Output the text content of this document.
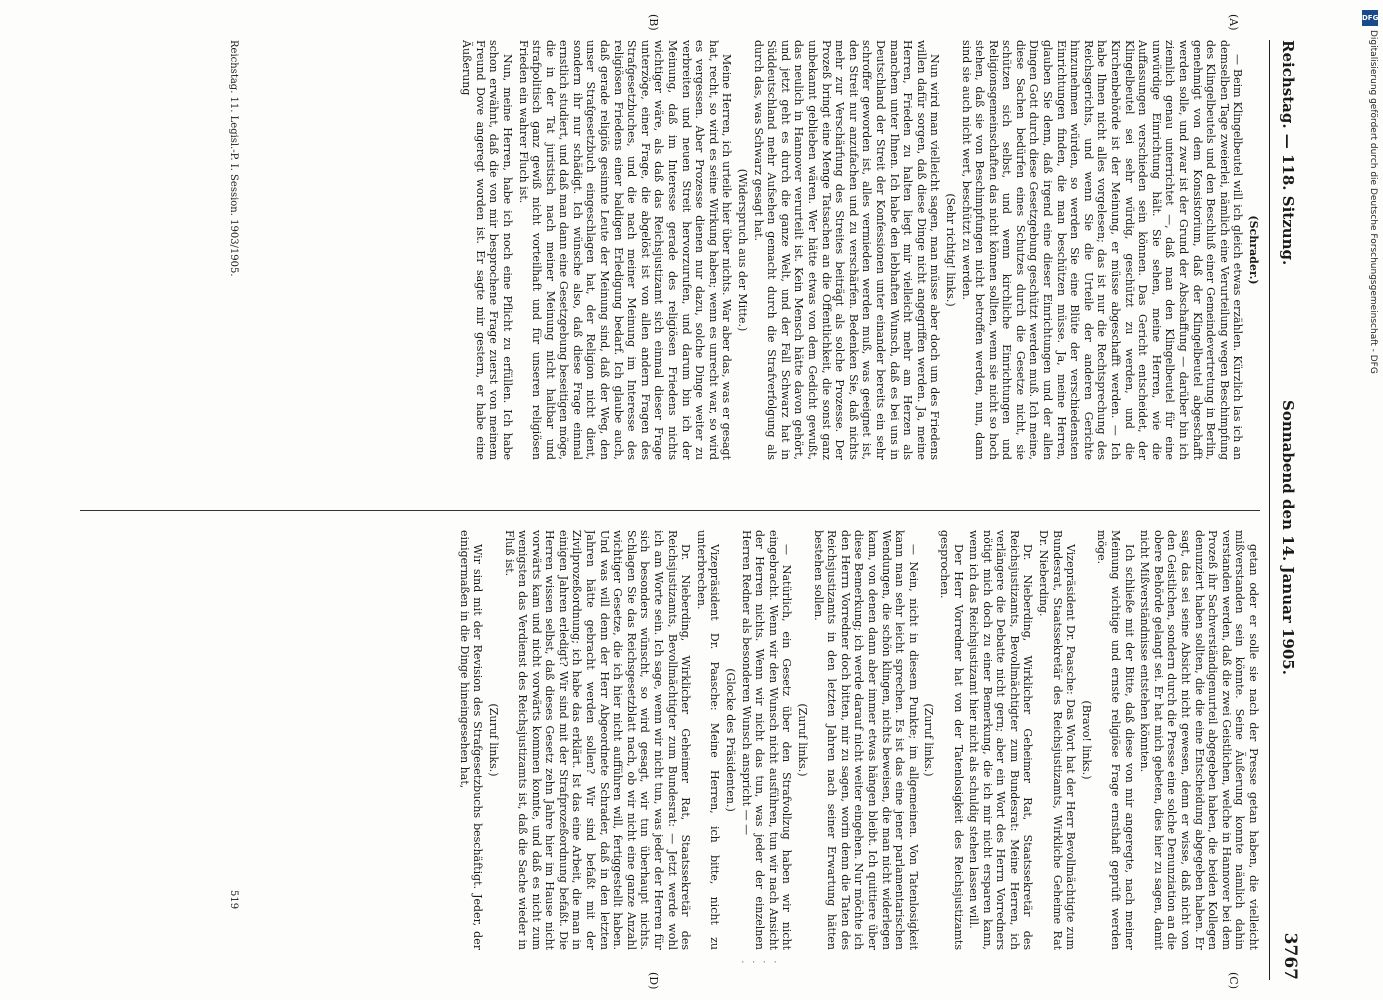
DFG
Digitalisierung gefördert durch die Deutsche Forschungsgemeinschaft - DFG
· · · ·
Reichstag. — 118. Sitzung.
Sonnabend den 14. Januar 1905.
3767
(A)
(B)
(C)
(D)

(Schrader.)

— Beim Klingelbeutel will ich gleich etwas erzählen. Kürzlich las ich an demselben Tage zweierlei, nämlich eine Verurteilung wegen Beschimpfung des Klingelbeutels und den Beschluß einer Gemeindevertretung in Berlin, genehmigt von dem Konsistorium, daß der Klingelbeutel abgeschafft werden solle, und zwar ist der Grund der Abschaffung — darüber bin ich ziemlich genau unterrichtet —, daß man den Klingelbeutel für eine unwürdige Einrichtung hält. Sie sehen, meine Herren, wie die Auffassungen verschieden sein können. Das Gericht entscheidet, der Klingelbeutel sei sehr würdig, geschützt zu werden, und die Kirchenbehörde ist der Meinung, er müsse abgeschafft werden. — Ich habe Ihnen nicht alles vorgelesen; das ist nur die Rechtsprechung des Reichsgerichts, und wenn Sie die Urteile der anderen Gerichte hinzunehmen würden, so werden Sie eine Blüte der verschiedensten Einrichtungen finden, die man beschützen müsse. Ja, meine Herren, glauben Sie denn, daß irgend eine dieser Einrichtungen und der allen Dingen Gott durch diese Gesetzgebung geschützt werden muß. Ich meine, diese Sachen bedürfen eines Schutzes durch die Gesetze nicht, sie schützen sich selbst, und wenn kirchliche Einrichtungen und Religionsgemeinschaften das nicht können sollten, wenn sie nicht so hoch stehen, daß sie von Beschimpfungen nicht betroffen werden, nun, dann sind sie auch nicht wert, beschützt zu werden.

(Sehr richtig! links.)

Nun wird man vielleicht sagen, man müsse aber doch um des Friedens willen dafür sorgen, daß diese Dinge nicht angegriffen werden. Ja, meine Herren, Frieden zu halten liegt mir vielleicht mehr am Herzen als manchem unter Ihnen. Ich habe den lebhaften Wunsch, daß es bei uns in Deutschland der Streit der Konfessionen unter einander bereits ein sehr schroffer geworden ist, alles vermieden werden muß, was geeignet ist, den Streit nur anzufachen und zu verschärfen. Bedenken Sie, daß nichts mehr zur Verschärfung des Streites beiträgt als solche Prozesse. Der Prozeß bringt eine Menge Tatsachen an die Öffentlichkeit, die sonst ganz unbekannt geblieben wären. Wer hätte etwas von dem Gedicht gewußt, das neulich in Hannover verurteilt ist. Kein Mensch hätte davon gehört, und jetzt geht es durch die ganze Welt, und der Fall Schwarz hat in Süddeutschland mehr Aufsehen gemacht durch die Strafverfolgung als durch das, was Schwarz gesagt hat.

(Widerspruch aus der Mitte.)

Meine Herren, ich urteile hier über nichts. War aber das, was er gesagt hat, recht, so wird es seine Wirkung haben; wenn es unrecht war, so wird es vergessen. Aber Prozesse dienen nur dazu, solche Dinge weiter zu verbreiten und neuen Streit hervorzurufen, und darum bin ich der Meinung, daß im Interesse gerade des religiösen Friedens nichts wichtiger wäre, als daß das Reichsjustizamt sich einmal dieser Frage unterzöge, einer Frage, die abgelöst ist von allen andern Fragen des Strafgesetzbuches, und die nach meiner Meinung im Interesse des religiösen Friedens einer baldigen Erledigung bedarf. Ich glaube auch, daß gerade religiös gesinnte Leute der Meinung sind, daß der Weg, den unser Strafgesetzbuch eingeschlagen hat, der Religion nicht dient, sondern ihr nur schädigt. Ich wünsche also, daß diese Frage einmal ernstlich studiert, und daß man dann eine Gesetzgebung beseitigen möge, die in der Tat juristisch nach meiner Meinung nicht haltbar und strafpolitisch ganz gewiß nicht vorteilhaft und für unseren religiösen Frieden ein wahrer Fluch ist.

Nun, meine Herren, habe ich noch eine Pflicht zu erfüllen. Ich habe schon erwähnt, daß die von mir besprochene Frage zuerst von meinem Freund Dove angeregt worden ist. Er sagte mir gestern, er habe eine Äußerung

getan oder er solle sie nach der Presse getan haben, die vielleicht mißverstanden sein könnte. Seine Äußerung konnte nämlich dahin verstanden werden, daß die zwei Geistlichen, welche in Hannover bei dem Prozeß ihr Sachverständigenurteil abgegeben haben, die beiden Kollegen denunziert haben sollten, die die eine Entscheidung abgegeben haben. Er sagt, das sei seine Absicht nicht gewesen, denn er wisse, daß nicht von den Geistlichen, sondern durch die Presse eine solche Denunziation an die obere Behörde gelangt sei. Er hat mich gebeten, dies hier zu sagen, damit nicht Mißverständnisse entstehen könnten.

Ich schließe mit der Bitte, daß diese von mir angeregte, nach meiner Meinung wichtige und ernste religiöse Frage ernsthaft geprüft werden möge.

(Bravo! links.)

Vizepräsident Dr. Paasche: Das Wort hat der Herr Bevollmächtigte zum Bundesrat, Staatssekretär des Reichsjustizamts, Wirkliche Geheime Rat Dr. Nieberding.

Dr. Nieberding, Wirklicher Geheimer Rat, Staatssekretär des Reichsjustizamts, Bevollmächtigter zum Bundesrat: Meine Herren, ich verlängere die Debatte nicht gern; aber ein Wort des Herrn Vorredners nötigt mich doch zu einer Bemerkung, die ich mir nicht ersparen kann, wenn ich das Reichsjustizamt hier nicht als schuldig stehen lassen will.

Der Herr Vorredner hat von der Tatenlosigkeit des Reichsjustizamts gesprochen.

(Zuruf links.)

— Nein, nicht in diesem Punkte; im allgemeinen. Von Tatenlosigkeit kann man sehr leicht sprechen. Es ist das eine jener parlamentarischen Wendungen, die schön klingen, nichts beweisen, die man nicht widerlegen kann, von denen dann aber immer etwas hängen bleibt. Ich quittiere über diese Bemerkung; ich werde darauf nicht weiter eingehen. Nur möchte ich den Herrn Vorredner doch bitten, mir zu sagen, worin denn die Taten des Reichsjustizamts in den letzten Jahren nach seiner Erwartung hätten bestehen sollen.

(Zuruf links.)

— Natürlich, ein Gesetz über den Strafvollzug haben wir nicht eingebracht. Wenn wir den Wunsch nicht ausführen, tun wir nach Ansicht der Herren nichts. Wenn wir nicht das tun, was jeder der einzelnen Herren Redner als besonderen Wunsch anspricht — —

(Glocke des Präsidenten.)

Vizepräsident Dr. Paasche: Meine Herren, ich bitte, nicht zu unterbrechen.

Dr. Nieberding, Wirklicher Geheimer Rat, Staatssekretär des Reichsjustizamts, Bevollmächtigter zum Bundesrat: — Jetzt werde wohl ich am Worte sein. Ich sage, wenn wir nicht tun, was jeder der Herren für sich besonders wünscht, so wird gesagt, wir tun überhaupt nichts. Schlagen Sie das Reichsgesetzblatt nach, ob wir nicht eine ganze Anzahl wichtiger Gesetze, die ich hier nicht aufführen will, fertiggestellt haben. Und was will denn der Herr Abgeordnete Schrader, daß in den letzten Jahren hätte gebracht werden sollen? Wir sind befaßt mit der Zivilprozeßordnung; ich habe das erklärt. Ist das eine Arbeit, die man in einigen Jahren erledigt? Wir sind mit der Strafprozeßordnung befaßt. Die Herren wissen selbst, daß dieses Gesetz zehn Jahre hier im Hause nicht vorwärts kam und nicht vorwärts kommen konnte, und daß es nicht zum wenigsten das Verdienst des Reichsjustizamts ist, daß die Sache wieder in Fluß ist.

(Zuruf links.)

Wir sind mit der Revision des Strafgesetzbuchs beschäftigt. Jeder, der einigermaßen in die Dinge hineingesehen hat,

Reichstag. 11. Legisl.-P. I. Session. 1903/1905.
519
